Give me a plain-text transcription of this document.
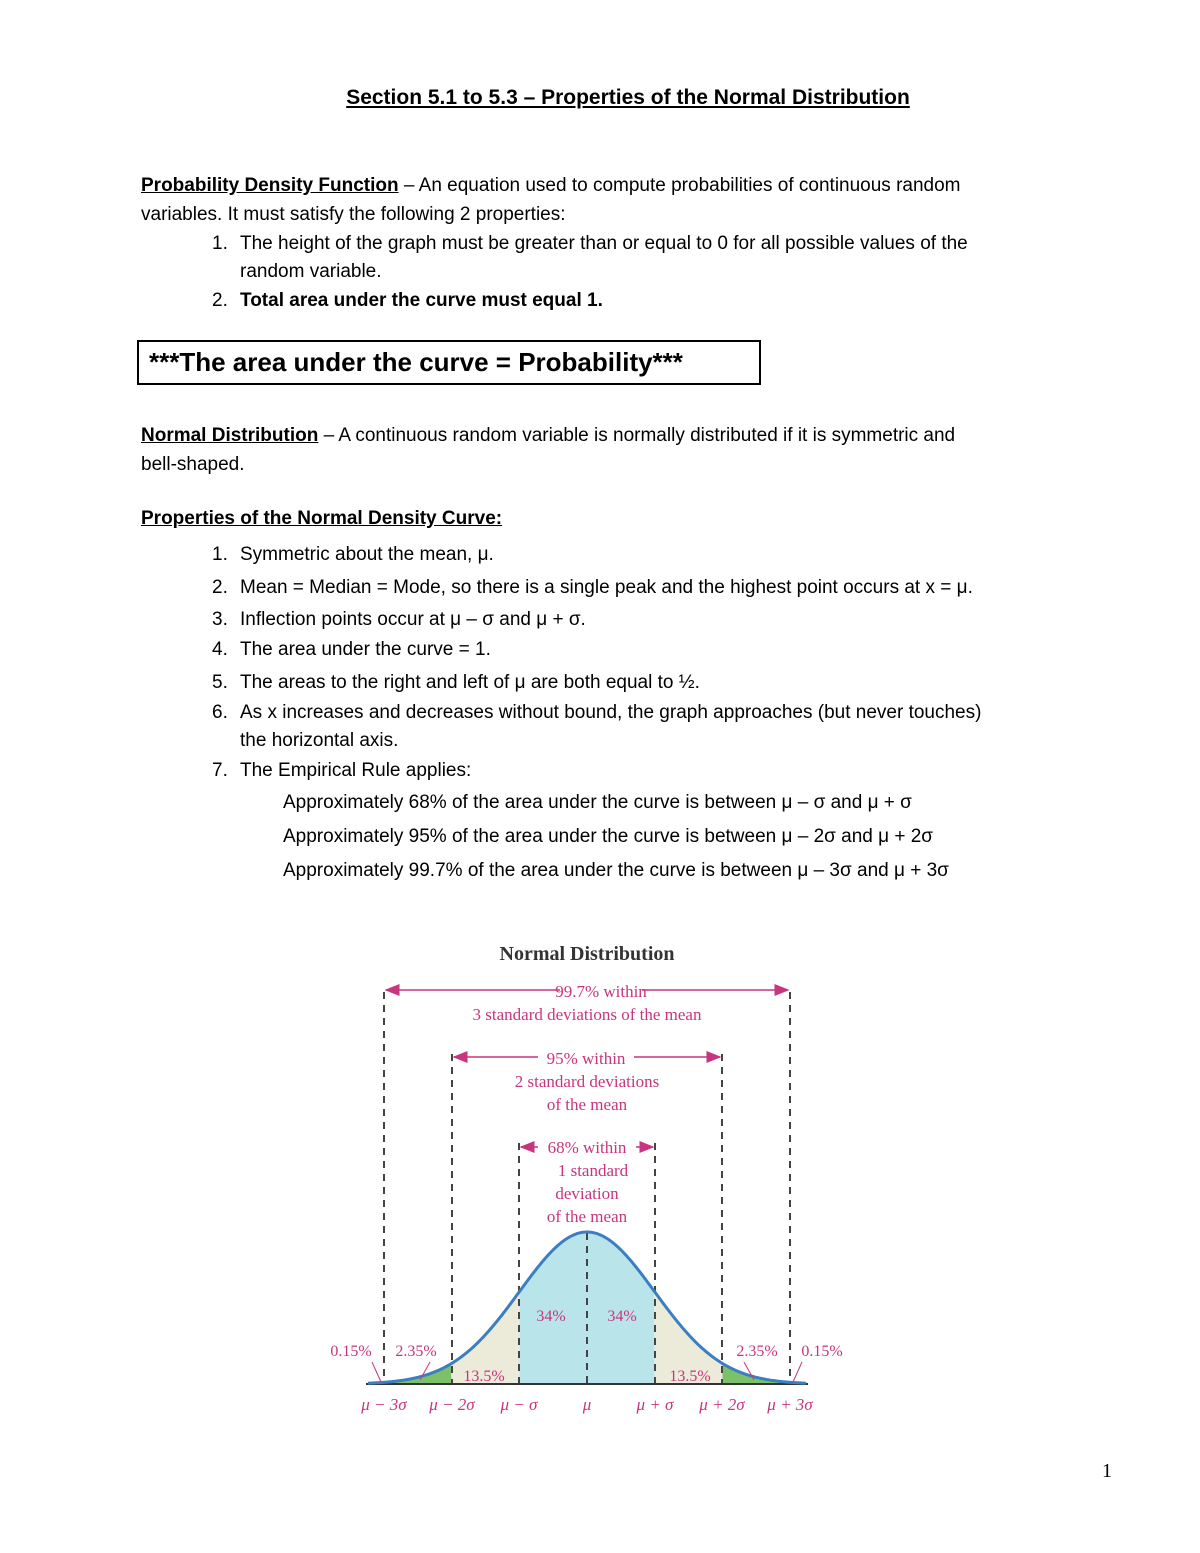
Section 5.1 to 5.3 – Properties of the Normal Distribution
Probability Density Function – An equation used to compute probabilities of continuous random
variables. It must satisfy the following 2 properties:
1. The height of the graph must be greater than or equal to 0 for all possible values of the
random variable.
2. Total area under the curve must equal 1.
***The area under the curve = Probability***
Normal Distribution – A continuous random variable is normally distributed if it is symmetric and
bell-shaped.
Properties of the Normal Density Curve:
1. Symmetric about the mean, μ.
2. Mean = Median = Mode, so there is a single peak and the highest point occurs at x = μ.
3. Inflection points occur at μ – σ and μ + σ.
4. The area under the curve = 1.
5. The areas to the right and left of μ are both equal to ½.
6. As x increases and decreases without bound, the graph approaches (but never touches)
the horizontal axis.
7. The Empirical Rule applies:
Approximately 68% of the area under the curve is between μ – σ and μ + σ
Approximately 95% of the area under the curve is between μ – 2σ and μ + 2σ
Approximately 99.7% of the area under the curve is between μ – 3σ and μ + 3σ
Normal Distribution
99.7% within
3 standard deviations of the mean
95% within
2 standard deviations
of the mean
68% within
1 standard
deviation
of the mean
34%	34%
13.5%	13.5%
0.15% 2.35%	2.35% 0.15%
μ − 3σ μ − 2σ μ − σ	μ	μ + σ μ + 2σ μ + 3σ
1
